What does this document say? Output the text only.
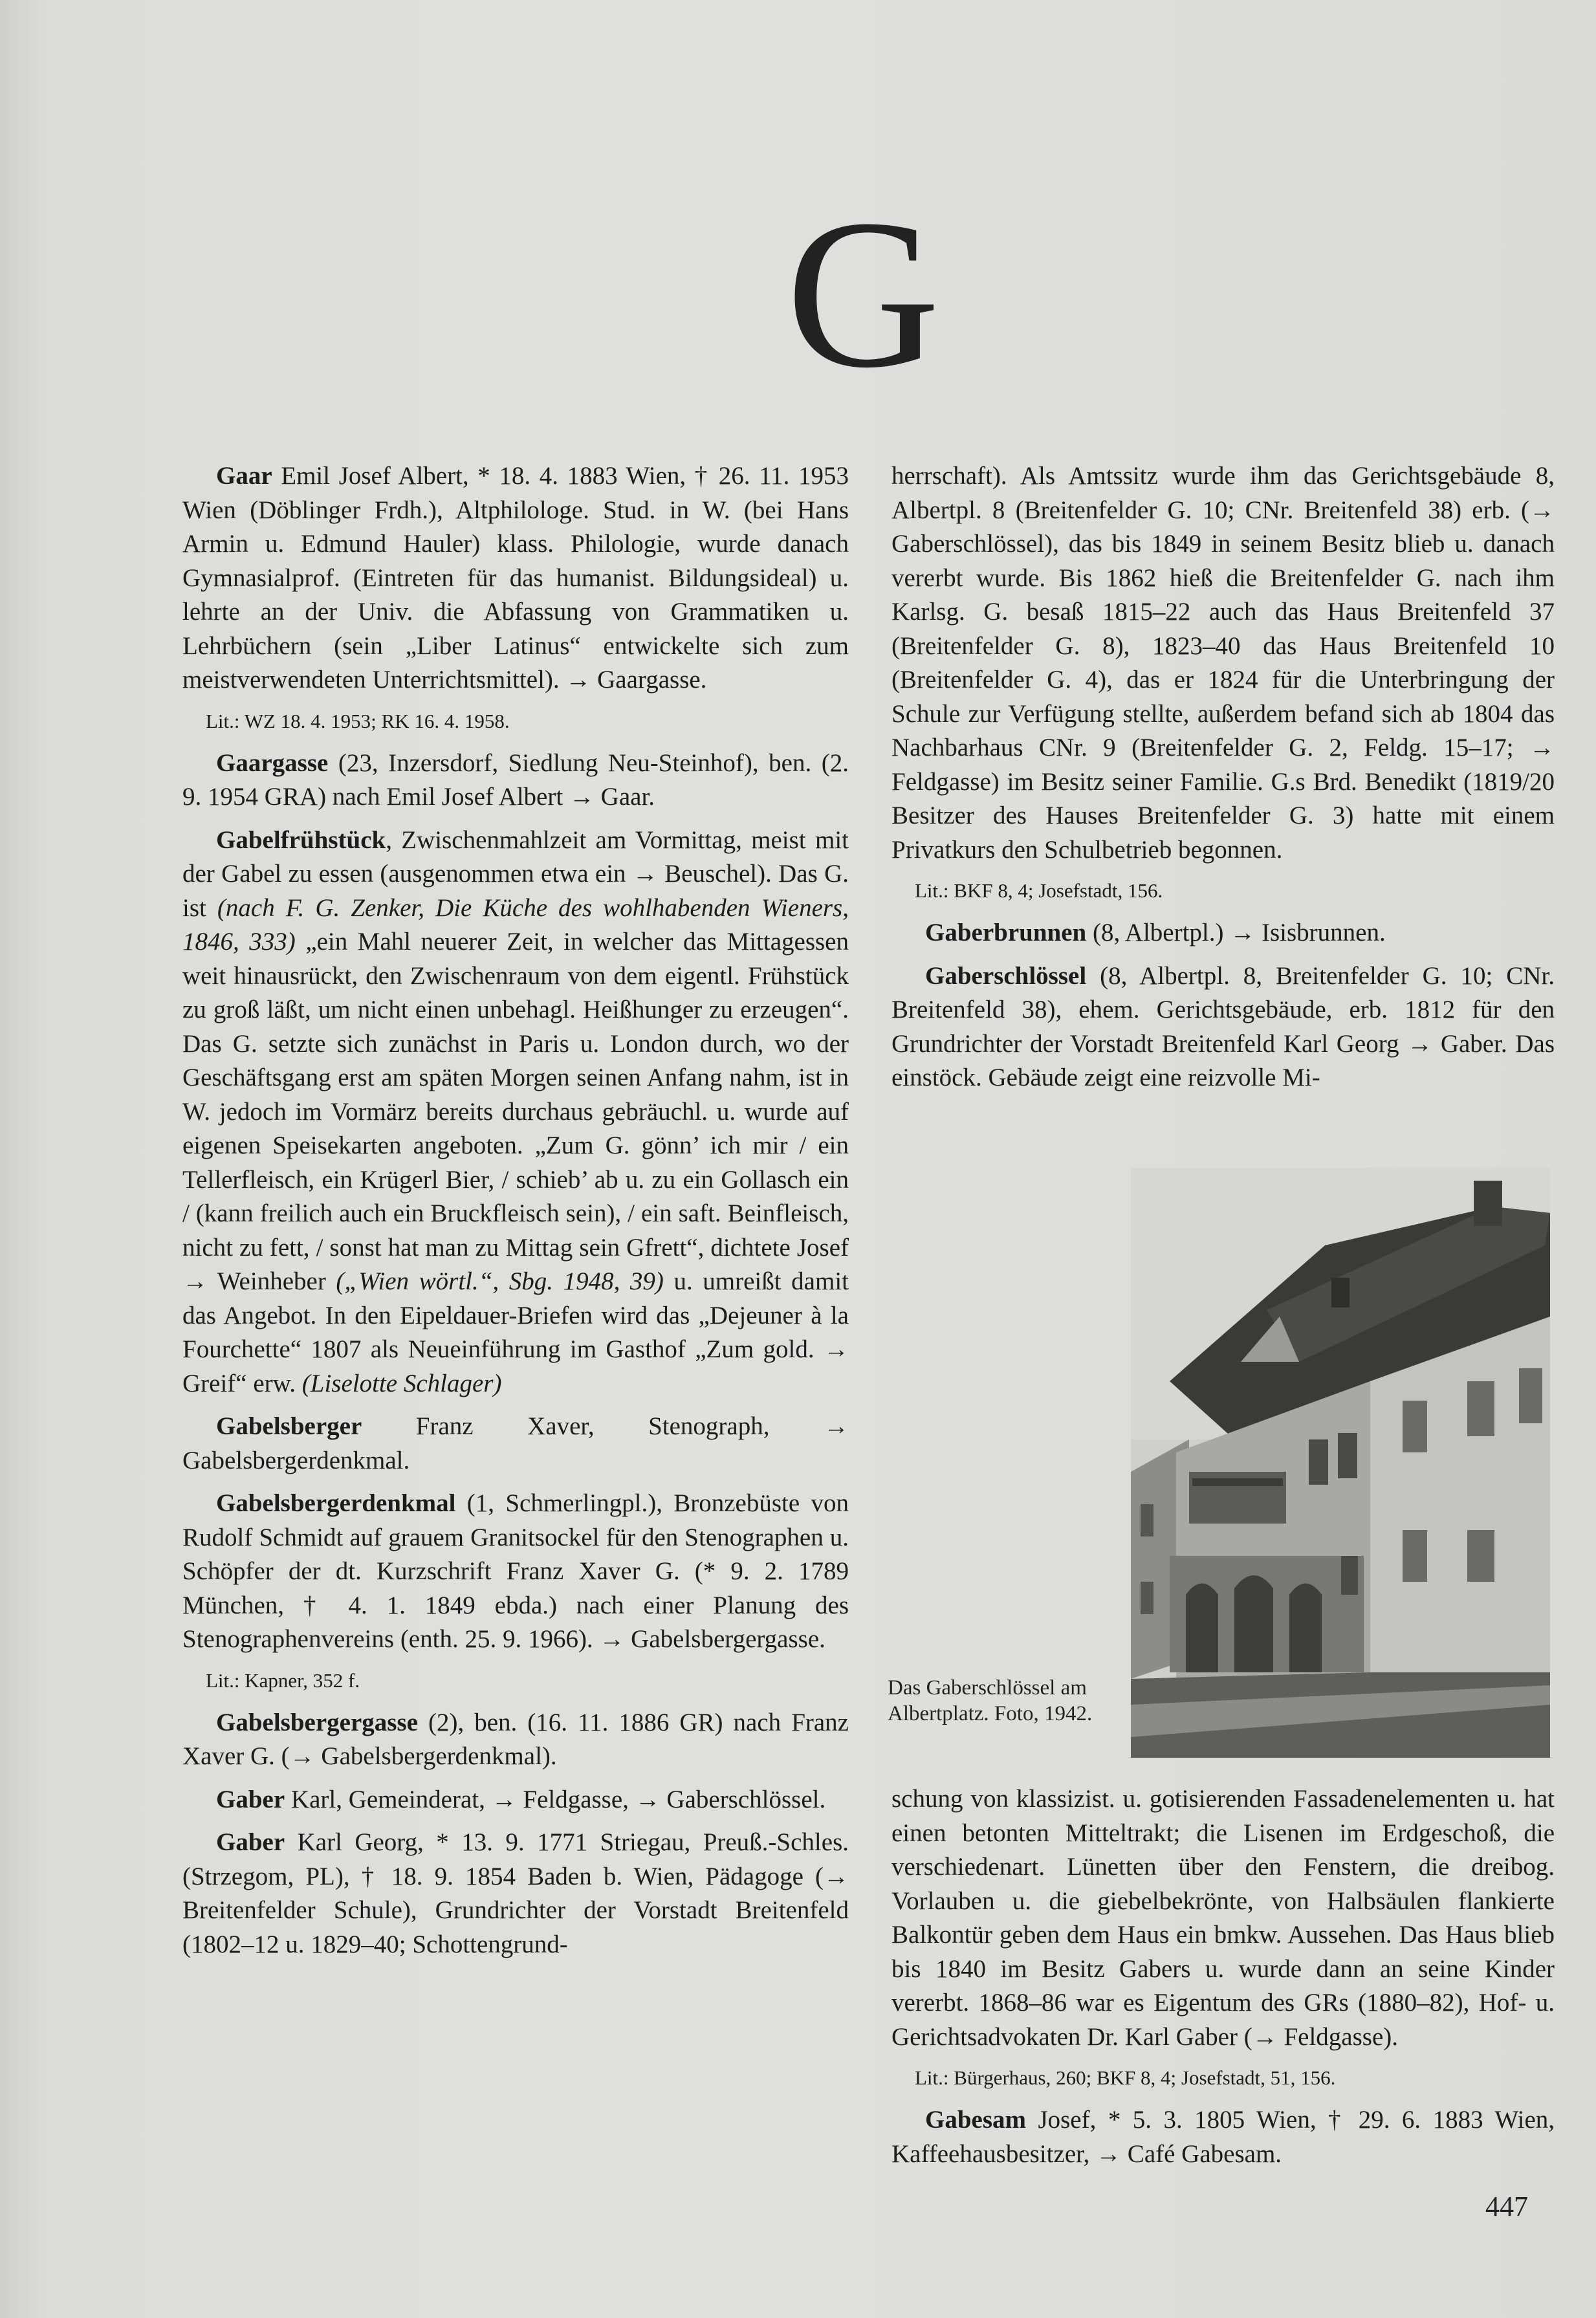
G

Gaar Emil Josef Albert, * 18. 4. 1883 Wien, † 26. 11. 1953 Wien (Döblinger Frdh.), Altphilologe. Stud. in W. (bei Hans Armin u. Edmund Hauler) klass. Philologie, wurde danach Gymnasialprof. (Eintreten für das humanist. Bildungsideal) u. lehrte an der Univ. die Abfassung von Grammatiken u. Lehrbüchern (sein „Liber Latinus“ entwickelte sich zum meistverwendeten Unterrichtsmittel). → Gaargasse.

Lit.: WZ 18. 4. 1953; RK 16. 4. 1958.

Gaargasse (23, Inzersdorf, Siedlung Neu-Steinhof), ben. (2. 9. 1954 GRA) nach Emil Josef Albert → Gaar.

Gabelfrühstück, Zwischenmahlzeit am Vormittag, meist mit der Gabel zu essen (ausgenommen etwa ein → Beuschel). Das G. ist (nach F. G. Zenker, Die Küche des wohlhabenden Wieners, 1846, 333) „ein Mahl neuerer Zeit, in welcher das Mittagessen weit hinausrückt, den Zwischenraum von dem eigentl. Frühstück zu groß läßt, um nicht einen unbehagl. Heißhunger zu erzeugen“. Das G. setzte sich zunächst in Paris u. London durch, wo der Geschäftsgang erst am späten Morgen seinen Anfang nahm, ist in W. jedoch im Vormärz bereits durchaus gebräuchl. u. wurde auf eigenen Speisekarten angeboten. „Zum G. gönn’ ich mir / ein Tellerfleisch, ein Krügerl Bier, / schieb’ ab u. zu ein Gollasch ein / (kann freilich auch ein Bruckfleisch sein), / ein saft. Beinfleisch, nicht zu fett, / sonst hat man zu Mittag sein Gfrett“, dichtete Josef → Weinheber („Wien wörtl.“, Sbg. 1948, 39) u. umreißt damit das Angebot. In den Eipeldauer-Briefen wird das „Dejeuner à la Fourchette“ 1807 als Neueinführung im Gasthof „Zum gold. → Greif“ erw. (Liselotte Schlager)

Gabelsberger Franz Xaver, Stenograph, → Gabelsbergerdenkmal.

Gabelsbergerdenkmal (1, Schmerlingpl.), Bronzebüste von Rudolf Schmidt auf grauem Granitsockel für den Stenographen u. Schöpfer der dt. Kurzschrift Franz Xaver G. (* 9. 2. 1789 München, † 4. 1. 1849 ebda.) nach einer Planung des Stenographenvereins (enth. 25. 9. 1966). → Gabelsbergergasse.

Lit.: Kapner, 352 f.

Gabelsbergergasse (2), ben. (16. 11. 1886 GR) nach Franz Xaver G. (→ Gabelsbergerdenkmal).

Gaber Karl, Gemeinderat, → Feldgasse, → Gaberschlössel.

Gaber Karl Georg, * 13. 9. 1771 Striegau, Preuß.-Schles. (Strzegom, PL), † 18. 9. 1854 Baden b. Wien, Pädagoge (→ Breitenfelder Schule), Grundrichter der Vorstadt Breitenfeld (1802–12 u. 1829–40; Schottengrund-

herrschaft). Als Amtssitz wurde ihm das Gerichtsgebäude 8, Albertpl. 8 (Breitenfelder G. 10; CNr. Breitenfeld 38) erb. (→ Gaberschlössel), das bis 1849 in seinem Besitz blieb u. danach vererbt wurde. Bis 1862 hieß die Breitenfelder G. nach ihm Karlsg. G. besaß 1815–22 auch das Haus Breitenfeld 37 (Breitenfelder G. 8), 1823–40 das Haus Breitenfeld 10 (Breitenfelder G. 4), das er 1824 für die Unterbringung der Schule zur Verfügung stellte, außerdem befand sich ab 1804 das Nachbarhaus CNr. 9 (Breitenfelder G. 2, Feldg. 15–17; → Feldgasse) im Besitz seiner Familie. G.s Brd. Benedikt (1819/20 Besitzer des Hauses Breitenfelder G. 3) hatte mit einem Privatkurs den Schulbetrieb begonnen.

Lit.: BKF 8, 4; Josefstadt, 156.

Gaberbrunnen (8, Albertpl.) → Isisbrunnen.

Gaberschlössel (8, Albertpl. 8, Breitenfelder G. 10; CNr. Breitenfeld 38), ehem. Gerichtsgebäude, erb. 1812 für den Grundrichter der Vorstadt Breitenfeld Karl Georg → Gaber. Das einstöck. Gebäude zeigt eine reizvolle Mi-

Das Gaberschlössel am Albertplatz. Foto, 1942.

schung von klassizist. u. gotisierenden Fassadenelementen u. hat einen betonten Mitteltrakt; die Lisenen im Erdgeschoß, die verschiedenart. Lünetten über den Fenstern, die dreibog. Vorlauben u. die giebelbekrönte, von Halbsäulen flankierte Balkontür geben dem Haus ein bmkw. Aussehen. Das Haus blieb bis 1840 im Besitz Gabers u. wurde dann an seine Kinder vererbt. 1868–86 war es Eigentum des GRs (1880–82), Hof- u. Gerichtsadvokaten Dr. Karl Gaber (→ Feldgasse).

Lit.: Bürgerhaus, 260; BKF 8, 4; Josefstadt, 51, 156.

Gabesam Josef, * 5. 3. 1805 Wien, † 29. 6. 1883 Wien, Kaffeehausbesitzer, → Café Gabesam.

447
